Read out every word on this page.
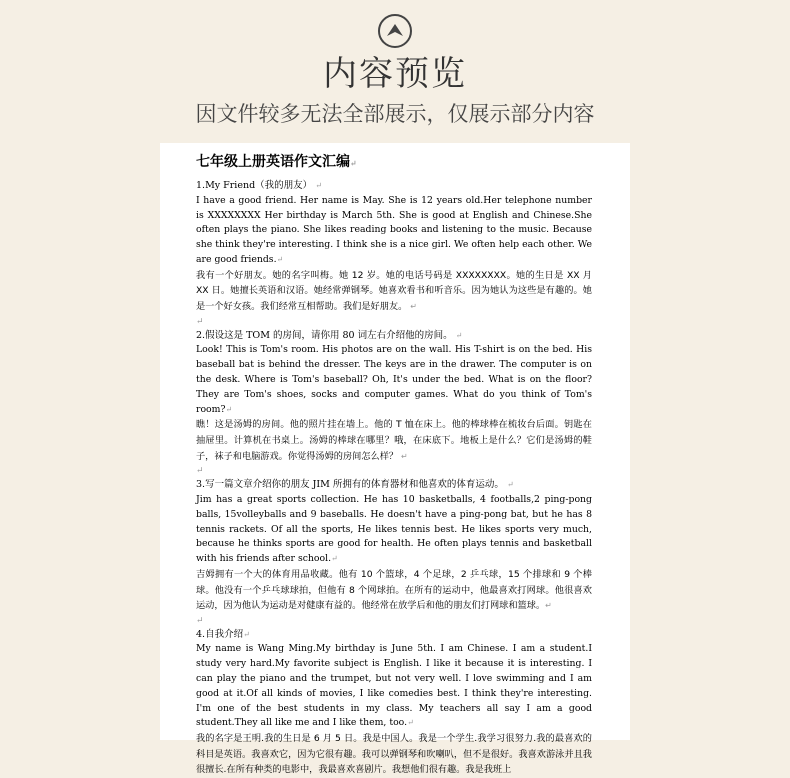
内容预览
因文件较多无法全部展示，仅展示部分内容
七年级上册英语作文汇编↵
1.My Friend（我的朋友） ↵
I have a good friend. Her name is May. She is 12 years old.Her telephone number is XXXXXXXX Her birthday is March 5th. She is good at English and Chinese.She often plays the piano. She likes reading books and listening to the music. Because she think they're interesting. I think she is a nice girl. We often help each other. We are good friends.↵
我有一个好朋友。她的名字叫梅。她 12 岁。她的电话号码是 XXXXXXXX。她的生日是 XX 月 XX 日。她擅长英语和汉语。她经常弹钢琴。她喜欢看书和听音乐。因为她认为这些是有趣的。她是一个好女孩。我们经常互相帮助。我们是好朋友。 ↵
↵
2.假设这是 TOM 的房间，请你用 80 词左右介绍他的房间。 ↵
Look! This is Tom's room. His photos are on the wall. His T-shirt is on the bed. His baseball bat is behind the dresser. The keys are in the drawer. The computer is on the desk. Where is Tom's baseball? Oh, It's under the bed. What is on the floor? They are Tom's shoes, socks and computer games. What do you think of Tom's room?↵
瞧！这是汤姆的房间。他的照片挂在墙上。他的 T 恤在床上。他的棒球棒在梳妆台后面。钥匙在抽屉里。计算机在书桌上。汤姆的棒球在哪里？哦，在床底下。地板上是什么？它们是汤姆的鞋子，袜子和电脑游戏。你觉得汤姆的房间怎么样？ ↵
↵
3.写一篇文章介绍你的朋友 JIM 所拥有的体育器材和他喜欢的体育运动。 ↵
Jim has a great sports collection. He has 10 basketballs, 4 footballs,2 ping-pong balls, 15volleyballs and 9 baseballs. He doesn't have a ping-pong bat, but he has 8 tennis rackets. Of all the sports, He likes tennis best. He likes sports very much, because he thinks sports are good for health. He often plays tennis and basketball with his friends after school.↵
吉姆拥有一个大的体育用品收藏。他有 10 个篮球，4 个足球，2 乒乓球，15 个排球和 9 个棒球。他没有一个乒乓球球拍，但他有 8 个网球拍。在所有的运动中，他最喜欢打网球。他很喜欢运动，因为他认为运动是对健康有益的。他经常在放学后和他的朋友们打网球和篮球。↵
↵
4.自我介绍↵
My name is Wang Ming.My birthday is June 5th. I am Chinese. I am a student.I study very hard.My favorite subject is English. I like it because it is interesting. I can play the piano and the trumpet, but not very well. I love swimming and I am good at it.Of all kinds of movies, I like comedies best. I think they're interesting. I'm one of the best students in my class. My teachers all say I am a good student.They all like me and I like them, too.↵
我的名字是王明.我的生日是 6 月 5 日。我是中国人。我是一个学生.我学习很努力.我的最喜欢的科目是英语。我喜欢它，因为它很有趣。我可以弹钢琴和吹喇叭，但不是很好。我喜欢游泳并且我很擅长.在所有种类的电影中，我最喜欢喜剧片。我想他们很有趣。我是我班上
